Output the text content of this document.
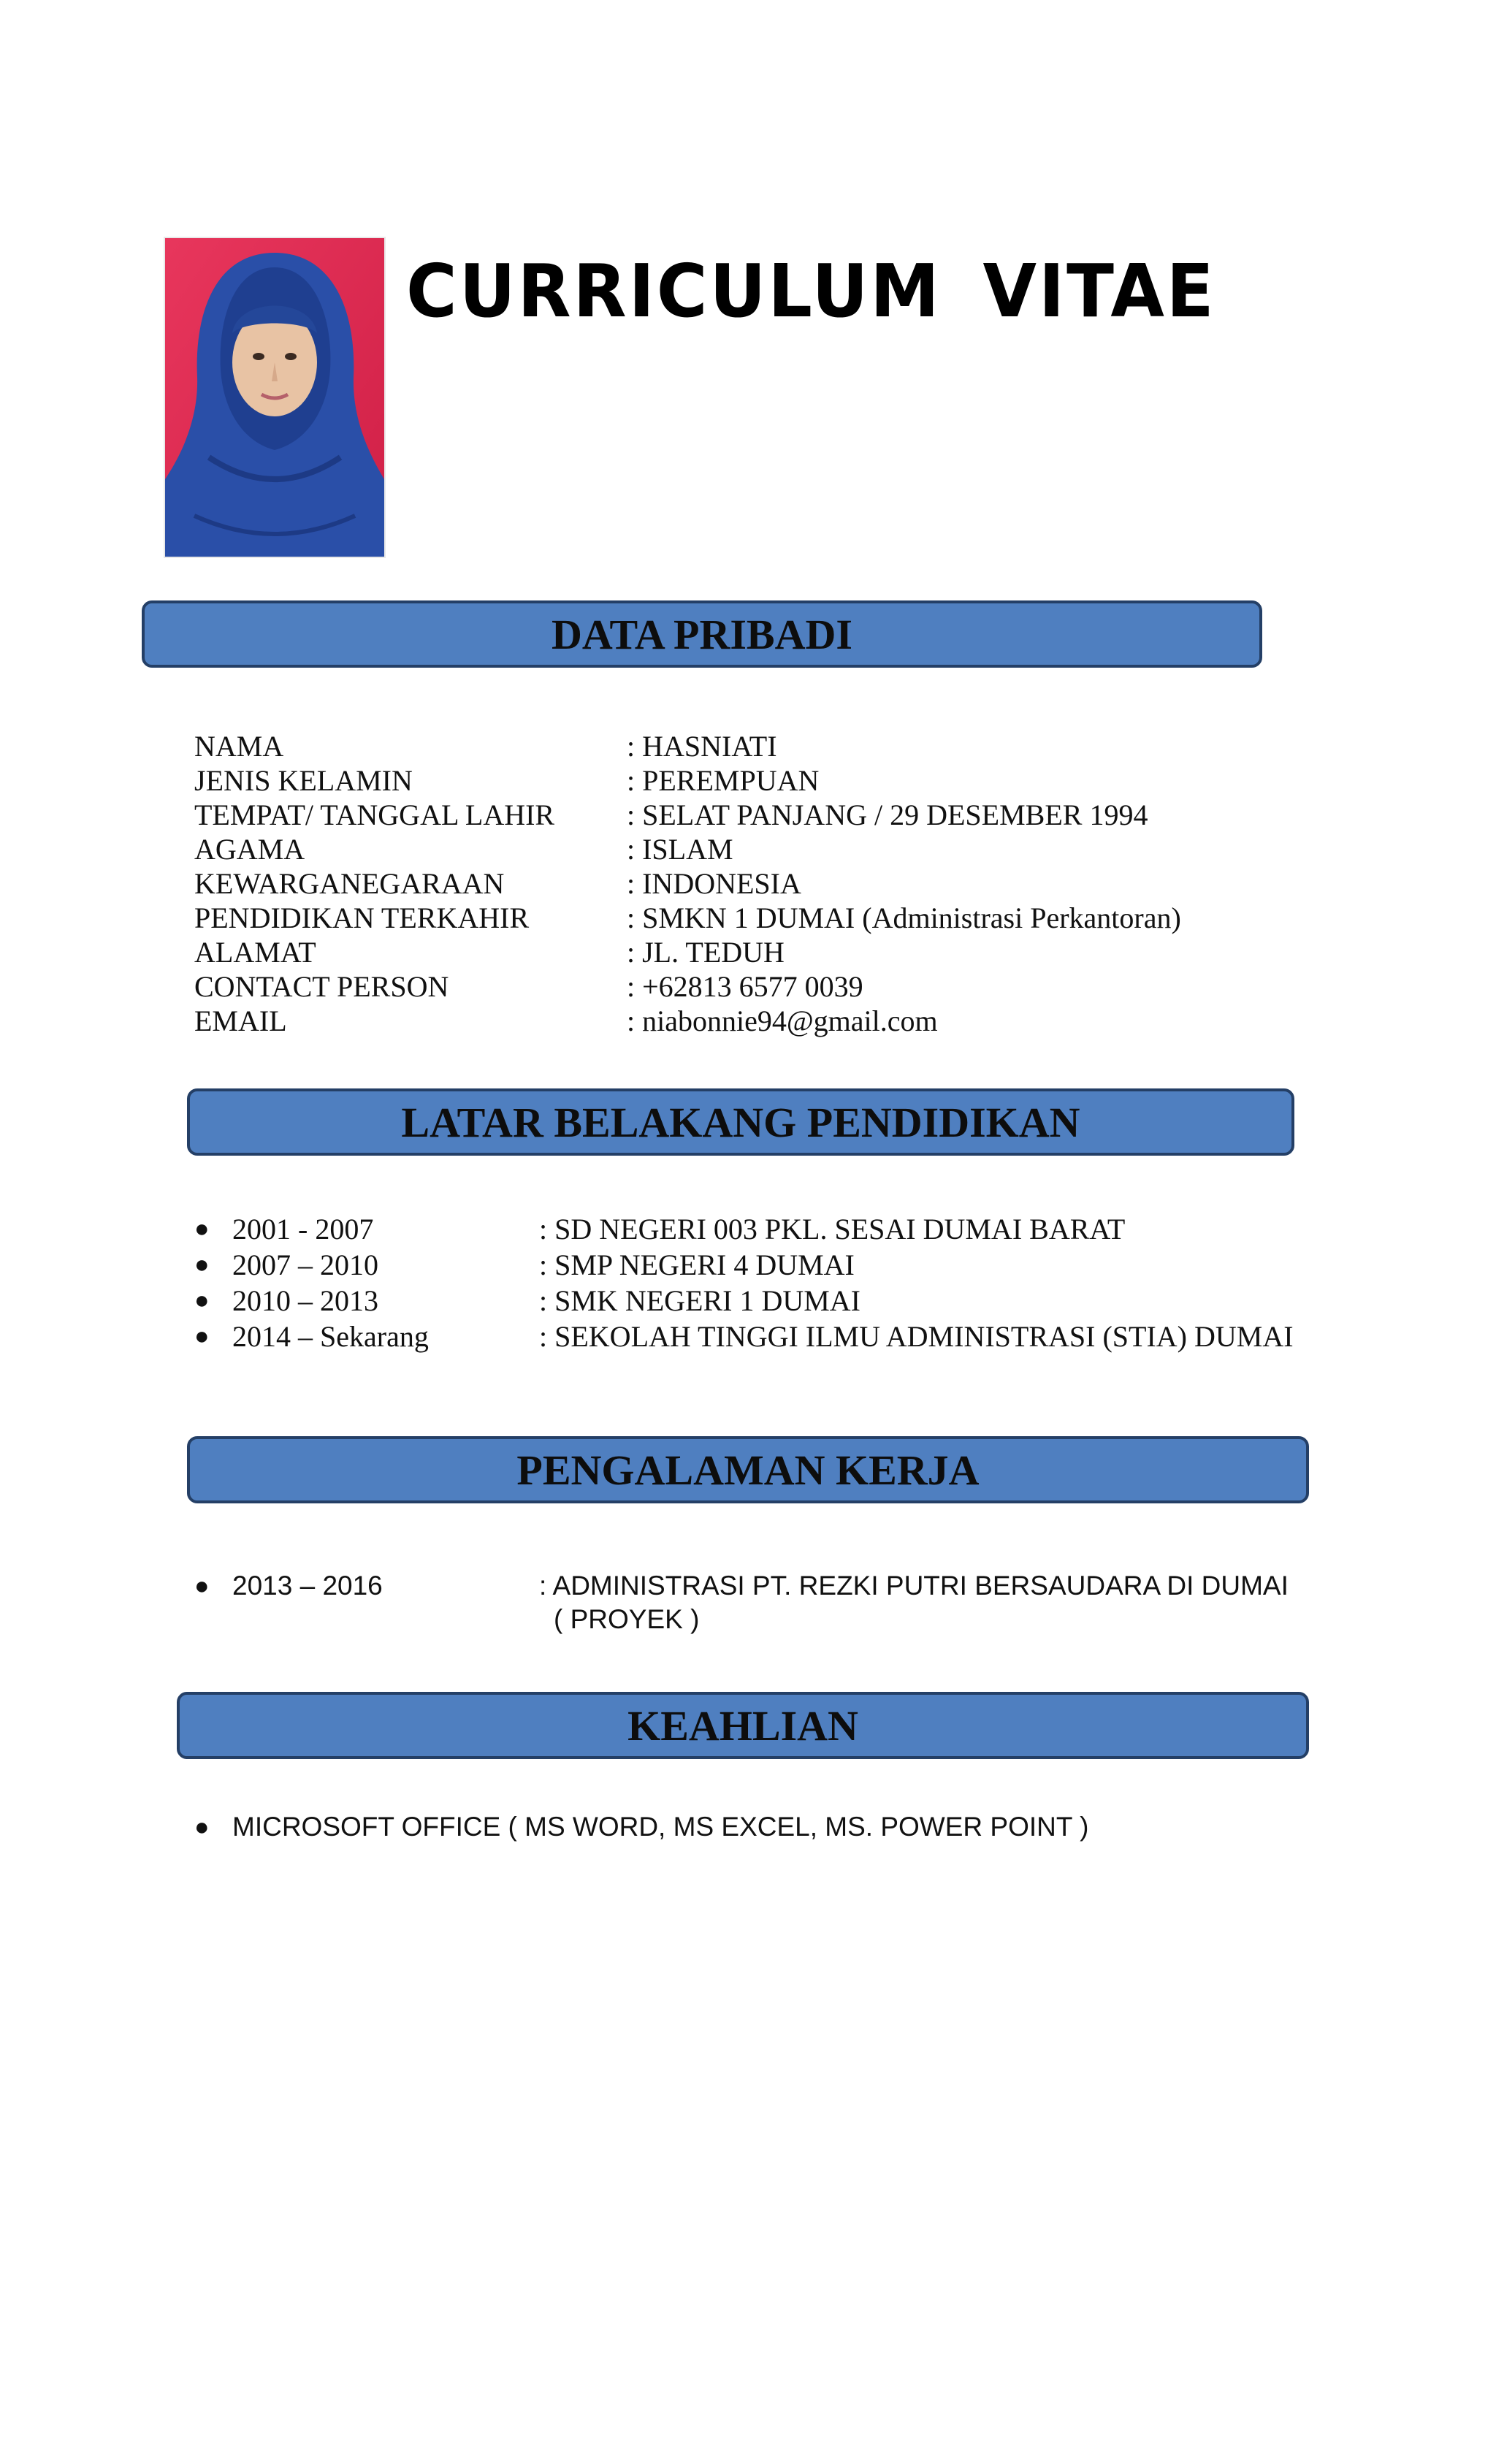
CURRICULUM VITAE
DATA PRIBADI
NAMA	: HASNIATI
JENIS KELAMIN	: PEREMPUAN
TEMPAT/ TANGGAL LAHIR	: SELAT PANJANG / 29 DESEMBER 1994
AGAMA	: ISLAM
KEWARGANEGARAAN	: INDONESIA
PENDIDIKAN TERKAHIR	: SMKN 1 DUMAI (Administrasi Perkantoran)
ALAMAT	: JL. TEDUH
CONTACT PERSON	: +62813 6577 0039
EMAIL	: niabonnie94@gmail.com
LATAR BELAKANG PENDIDIKAN
● 2001 - 2007	: SD NEGERI 003 PKL. SESAI DUMAI BARAT
● 2007 – 2010	: SMP NEGERI 4 DUMAI
● 2010 – 2013	: SMK NEGERI 1 DUMAI
● 2014 – Sekarang	: SEKOLAH TINGGI ILMU ADMINISTRASI (STIA) DUMAI
PENGALAMAN KERJA
● 2013 – 2016	: ADMINISTRASI PT. REZKI PUTRI BERSAUDARA DI DUMAI
( PROYEK )
KEAHLIAN
● MICROSOFT OFFICE ( MS WORD, MS EXCEL, MS. POWER POINT )
